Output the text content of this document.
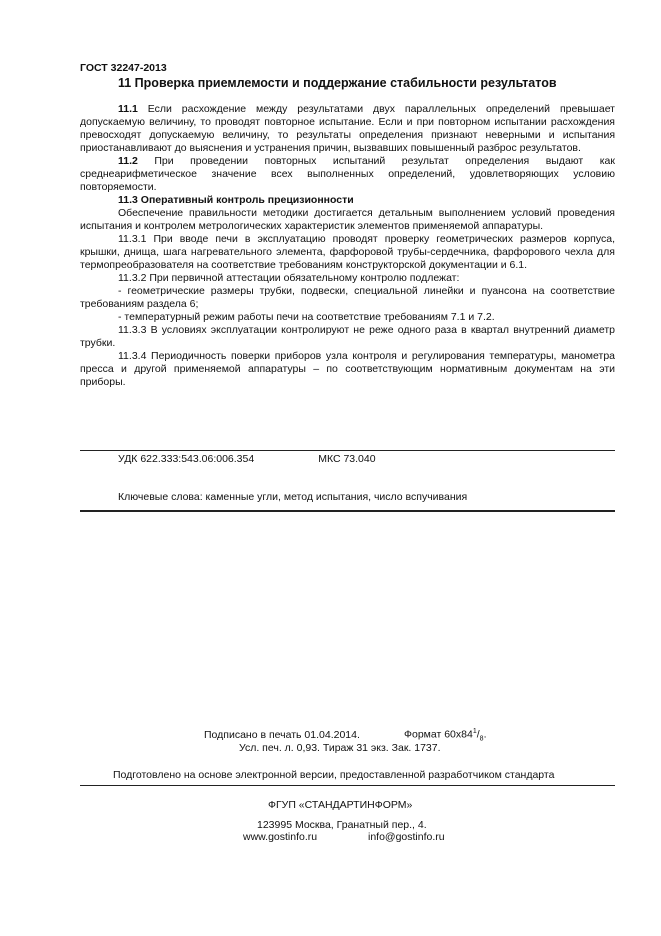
ГОСТ 32247-2013
11 Проверка приемлемости и поддержание стабильности результатов

11.1 Если расхождение между результатами двух параллельных определений превышает допускаемую величину, то проводят повторное испытание. Если и при повторном испытании расхождения превосходят допускаемую величину, то результаты определения признают неверными и испытания приостанавливают до выяснения и устранения причин, вызвавших повышенный разброс результатов.

11.2 При проведении повторных испытаний результат определения выдают как среднеарифметическое значение всех выполненных определений, удовлетворяющих условию повторяемости.

11.3 Оперативный контроль прецизионности

Обеспечение правильности методики достигается детальным выполнением условий проведения испытания и контролем метрологических характеристик элементов применяемой аппаратуры.

11.3.1 При вводе печи в эксплуатацию проводят проверку геометрических размеров корпуса, крышки, днища, шага нагревательного элемента, фарфоровой трубы-сердечника, фарфорового чехла для термопреобразователя на соответствие требованиям конструкторской документации и 6.1.

11.3.2 При первичной аттестации обязательному контролю подлежат:

- геометрические размеры трубки, подвески, специальной линейки и пуансона на соответствие требованиям раздела 6;

- температурный режим работы печи на соответствие требованиям 7.1 и 7.2.

11.3.3 В условиях эксплуатации контролируют не реже одного раза в квартал внутренний диаметр трубки.

11.3.4 Периодичность поверки приборов узла контроля и регулирования температуры, манометра пресса и другой применяемой аппаратуры – по соответствующим нормативным документам на эти приборы.

УДК 622.333:543.06:006.354	МКС 73.040
Ключевые слова: каменные угли, метод испытания, число вспучивания
Подписано в печать 01.04.2014.	Формат $60x84^1/_8$.
Усл. печ. л. 0,93. Тираж 31 экз. Зак. 1737.
Подготовлено на основе электронной версии, предоставленной разработчиком стандарта
ФГУП «СТАНДАРТИНФОРМ»
123995 Москва, Гранатный пер., 4.
www.gostinfo.ru	info@gostinfo.ru
